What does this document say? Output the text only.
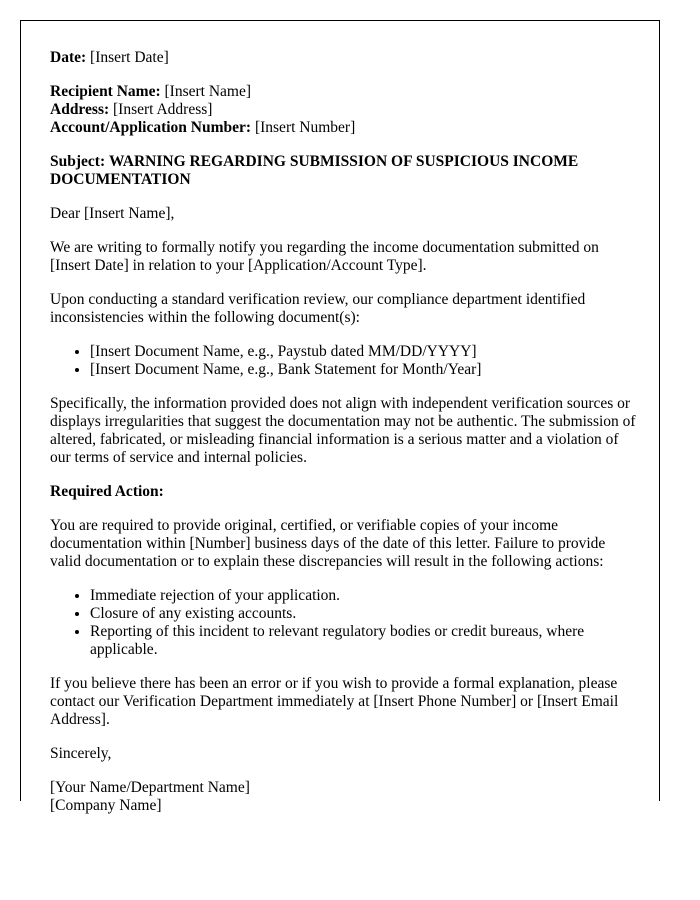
Date: [Insert Date]

Recipient Name: [Insert Name]

Address: [Insert Address]

Account/Application Number: [Insert Number]

Subject: WARNING REGARDING SUBMISSION OF SUSPICIOUS INCOME DOCUMENTATION

Dear [Insert Name],

We are writing to formally notify you regarding the income documentation submitted on [Insert Date] in relation to your [Application/Account Type].

Upon conducting a standard verification review, our compliance department identified inconsistencies within the following document(s):

• [Insert Document Name, e.g., Paystub dated MM/DD/YYYY]
• [Insert Document Name, e.g., Bank Statement for Month/Year]

Specifically, the information provided does not align with independent verification sources or displays irregularities that suggest the documentation may not be authentic. The submission of altered, fabricated, or misleading financial information is a serious matter and a violation of our terms of service and internal policies.

Required Action:

You are required to provide original, certified, or verifiable copies of your income documentation within [Number] business days of the date of this letter. Failure to provide valid documentation or to explain these discrepancies will result in the following actions:

• Immediate rejection of your application.
• Closure of any existing accounts.
• Reporting of this incident to relevant regulatory bodies or credit bureaus, where applicable.

If you believe there has been an error or if you wish to provide a formal explanation, please contact our Verification Department immediately at [Insert Phone Number] or [Insert Email Address].

Sincerely,

[Your Name/Department Name]

[Company Name]
